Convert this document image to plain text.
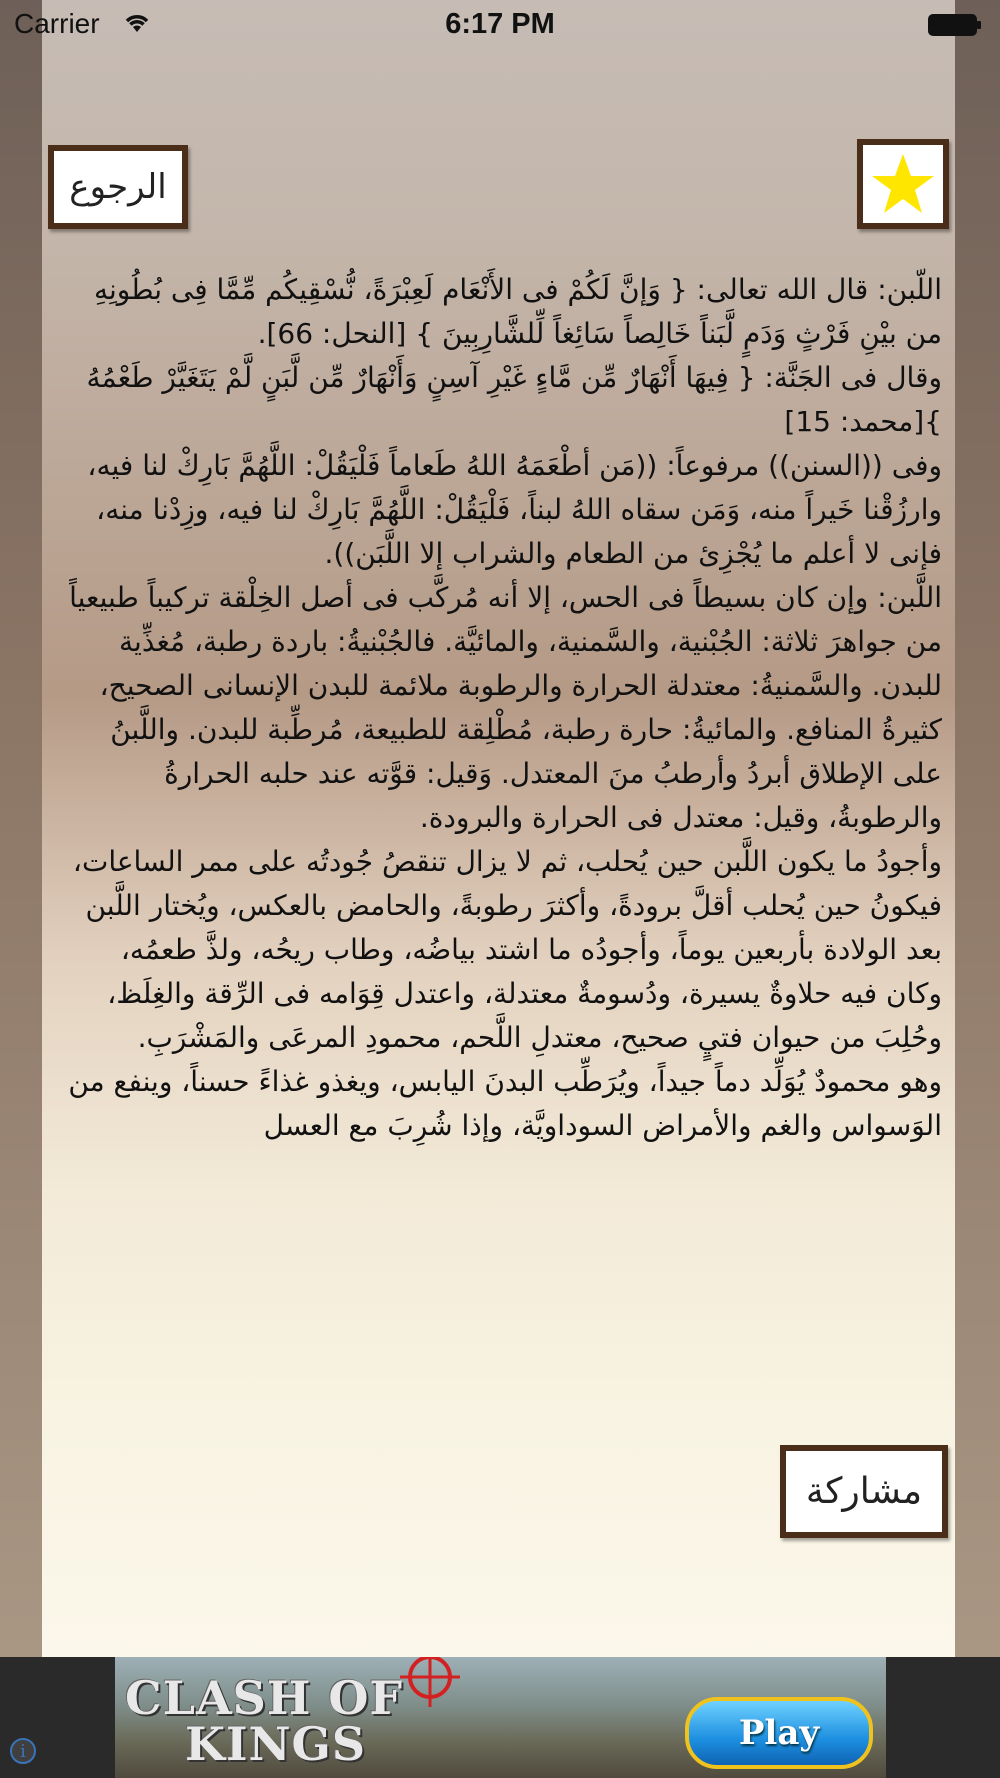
Carrier	6:17 PM
الرجوع

اللَّبن: قال الله تعالى: { وَإنَّ لَكُمْ فى الأَنْعَام لَعِبْرَةً، نُّسْقِيكُم مِّمَّا فِى بُطُونِهِ من بيْنِ فَرْثٍ وَدَمٍ لَّبَناً خَالِصاً سَائِغاً لِّلشَّارِبِينَ } [النحل: 66].

وقال فى الجَنَّة: { فِيهَا أَنْهَارٌ مِّن مَّاءٍ غَيْرِ آسِنٍ وَأَنْهَارٌ مِّن لَّبَنٍ لَّمْ يَتَغَيَّرْ طَعْمُهُ }[محمد: 15]

وفى ((السنن)) مرفوعاً: ((مَن أطْعَمَهُ اللهُ طَعاماً فَلْيَقُلْ: اللَّهُمَّ بَارِكْ لنا فيه، وارزُقْنا خَيراً منه، وَمَن سقاه اللهُ لبناً، فَلْيَقُلْ: اللَّهُمَّ بَارِكْ لنا فيه، وزِدْنا منه، فإنى لا أعلم ما يُجْزِئ من الطعام والشراب إلا اللَّبَن)).

اللَّبن: وإن كان بسيطاً فى الحس، إلا أنه مُركَّب فى أصل الخِلْقة تركيباً طبيعياً من جواهرَ ثلاثة: الجُبْنية، والسَّمنية، والمائيَّة. فالجُبْنيةُ: باردة رطبة، مُغذِّية للبدن. والسَّمنيةُ: معتدلة الحرارة والرطوبة ملائمة للبدن الإنسانى الصحيح، كثيرةُ المنافع. والمائيةُ: حارة رطبة، مُطْلِقة للطبيعة، مُرطِّبة للبدن. واللَّبنُ على الإطلاق أبردُ وأرطبُ منَ المعتدل. وَقيل: قوَّته عند حلبه الحرارةُ والرطوبةُ، وقيل: معتدل فى الحرارة والبرودة.

وأجودُ ما يكون اللَّبن حين يُحلب، ثم لا يزال تنقصُ جُودتُه على ممر الساعات، فيكونُ حين يُحلب أقلَّ برودةً، وأكثرَ رطوبةً، والحامض بالعكس، ويُختار اللَّبن بعد الولادة بأربعين يوماً، وأجودُه ما اشتد بياضُه، وطاب ريحُه، ولذَّ طعمُه، وكان فيه حلاوةٌ يسيرة، ودُسومةٌ معتدلة، واعتدل قِوَامه فى الرِّقة والغِلَظ، وحُلِبَ من حيوان فتيٍ صحيح، معتدلِ اللَّحم، محمودِ المرعَى والمَشْرَبِ.

وهو محمودٌ يُوَلِّد دماً جيداً، ويُرَطِّب البدنَ اليابس، ويغذو غذاءً حسناً، وينفع من الوَسواس والغم والأمراض السوداويَّة، وإذا شُرِبَ مع العسل

مشاركة
CLASH OF
KINGS	Play
i
